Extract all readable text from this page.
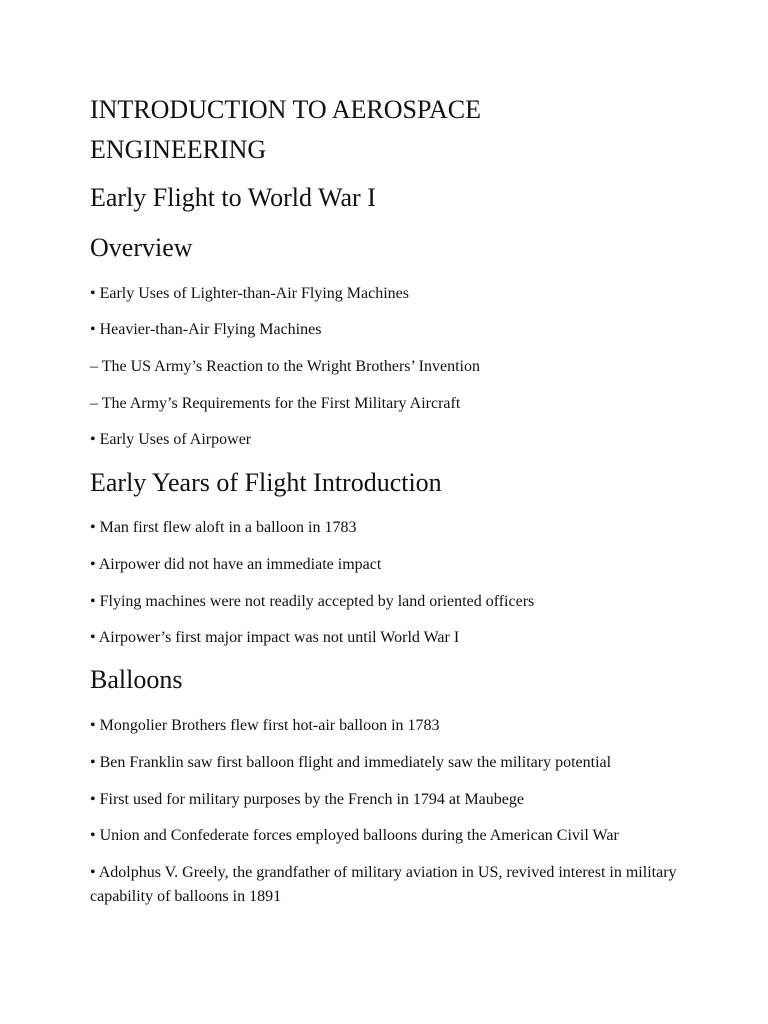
INTRODUCTION TO AEROSPACE ENGINEERING
Early Flight to World War I
Overview

• Early Uses of Lighter-than-Air Flying Machines

• Heavier-than-Air Flying Machines

– The US Army’s Reaction to the Wright Brothers’ Invention

– The Army’s Requirements for the First Military Aircraft

• Early Uses of Airpower

Early Years of Flight Introduction

• Man first flew aloft in a balloon in 1783

• Airpower did not have an immediate impact

• Flying machines were not readily accepted by land oriented officers

• Airpower’s first major impact was not until World War I

Balloons

• Mongolier Brothers flew first hot-air balloon in 1783

• Ben Franklin saw first balloon flight and immediately saw the military potential

• First used for military purposes by the French in 1794 at Maubege

• Union and Confederate forces employed balloons during the American Civil War

• Adolphus V. Greely, the grandfather of military aviation in US, revived interest in military capability of balloons in 1891
